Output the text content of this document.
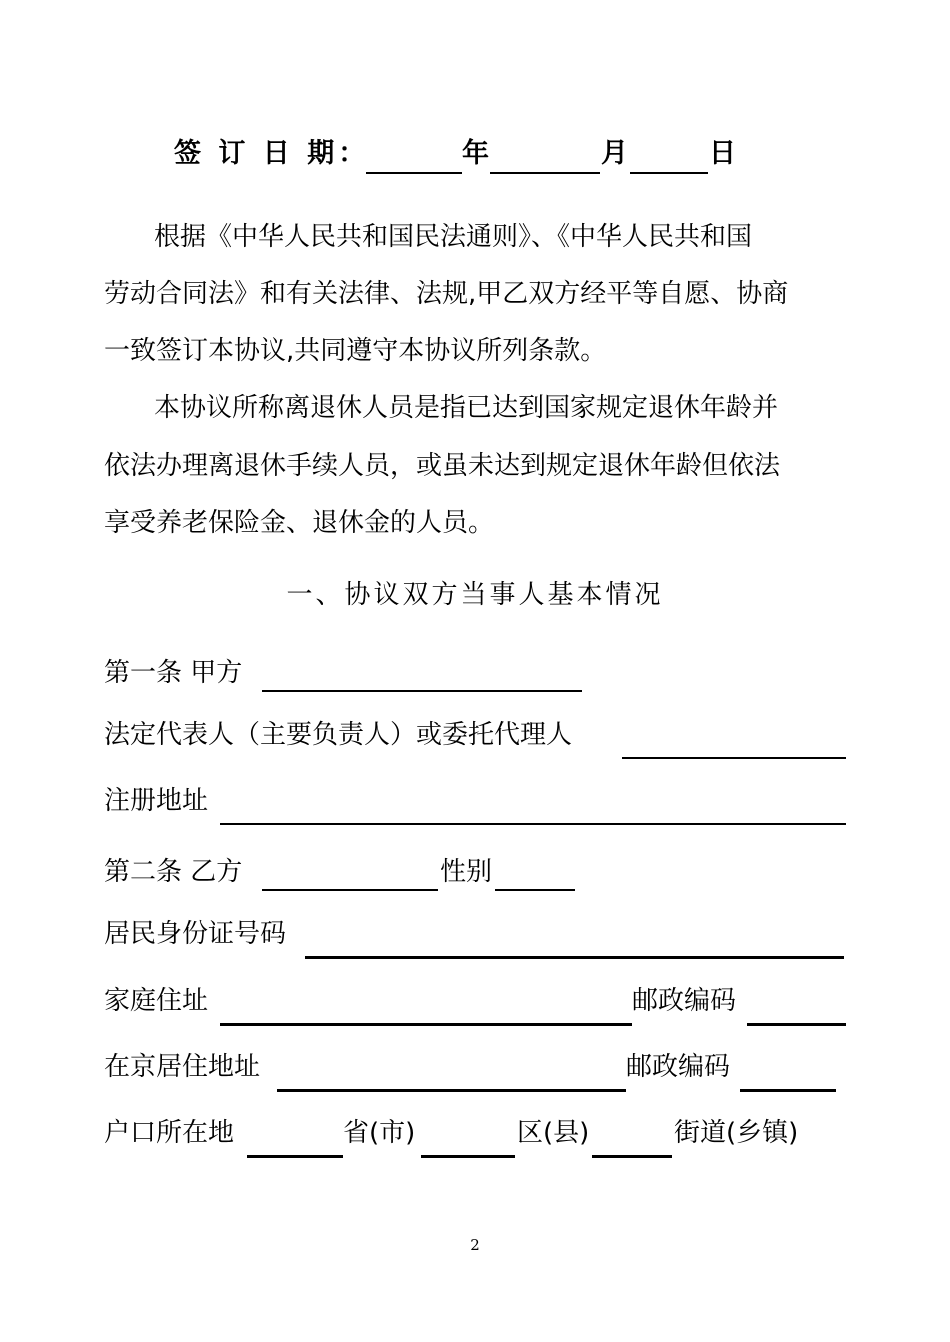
签 订 日 期：	年	月	日
根据《中华人民共和国民法通则》、《中华人民共和国
劳动合同法》和有关法律、法规,甲乙双方经平等自愿、协商
一致签订本协议,共同遵守本协议所列条款。
本协议所称离退休人员是指已达到国家规定退休年龄并
依法办理离退休手续人员，或虽未达到规定退休年龄但依法
享受养老保险金、退休金的人员。
一、协议双方当事人基本情况
第一条 甲方
法定代表人（主要负责人）或委托代理人
注册地址
第二条 乙方	性别
居民身份证号码
家庭住址	邮政编码
在京居住地址	邮政编码
户口所在地	省(市)	区(县)	街道(乡镇)
2
